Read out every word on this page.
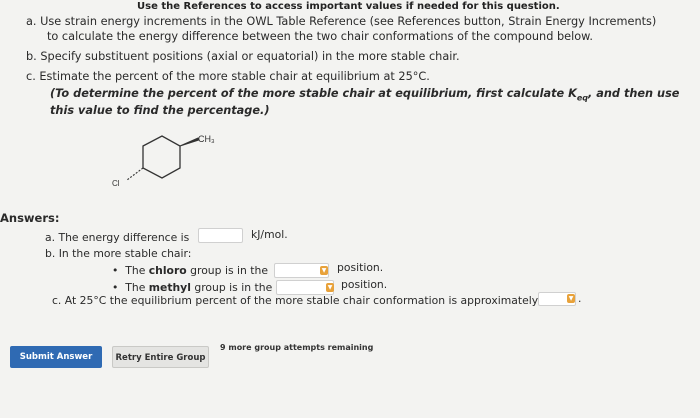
Use the References to access important values if needed for this question.
a. Use strain energy increments in the OWL Table Reference (see References button, Strain Energy Increments)
to calculate the energy difference between the two chair conformations of the compound below.
b. Specify substituent positions (axial or equatorial) in the more stable chair.
c. Estimate the percent of the more stable chair at equilibrium at 25°C.
(To determine the percent of the more stable chair at equilibrium, first calculate $K_{eq}$, and then use
this value to find the percentage.)
CH₃
Cl
Answers:
a. The energy difference is	kJ/mol.
b. In the more stable chair:
• The chloro group is in the	▼ position.
• The methyl group is in the	▼ position.
c. At 25°C the equilibrium percent of the more stable chair conformation is approximately	▼ .
Submit Answer	Retry Entire Group
9 more group attempts remaining
